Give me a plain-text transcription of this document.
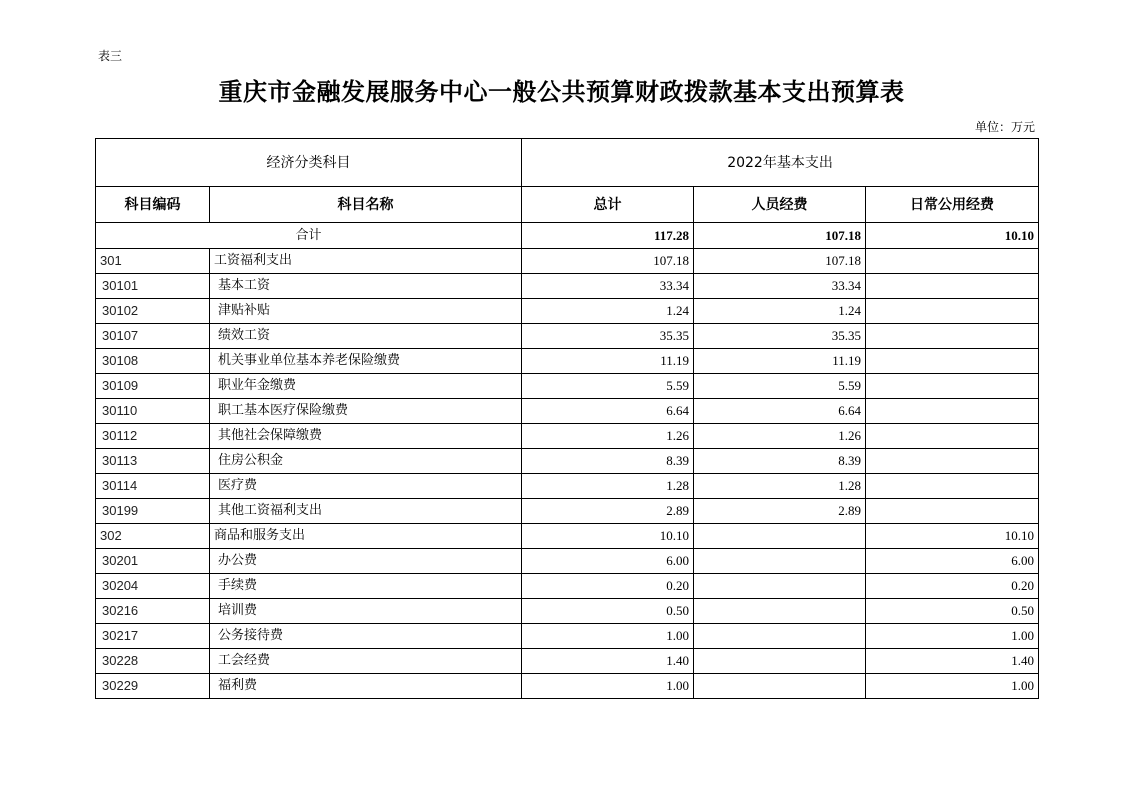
表三
重庆市金融发展服务中心一般公共预算财政拨款基本支出预算表
单位：万元
经济分类科目		2022年基本支出		
科目编码	科目名称	总计	人员经费	日常公用经费
合计		117.28	107.18	10.10
301	工资福利支出	107.18	107.18	
30101	基本工资	33.34	33.34	
30102	津贴补贴	1.24	1.24	
30107	绩效工资	35.35	35.35	
30108	机关事业单位基本养老保险缴费	11.19	11.19	
30109	职业年金缴费	5.59	5.59	
30110	职工基本医疗保险缴费	6.64	6.64	
30112	其他社会保障缴费	1.26	1.26	
30113	住房公积金	8.39	8.39	
30114	医疗费	1.28	1.28	
30199	其他工资福利支出	2.89	2.89	
302	商品和服务支出	10.10		10.10
30201	办公费	6.00		6.00
30204	手续费	0.20		0.20
30216	培训费	0.50		0.50
30217	公务接待费	1.00		1.00
30228	工会经费	1.40		1.40
30229	福利费	1.00		1.00
